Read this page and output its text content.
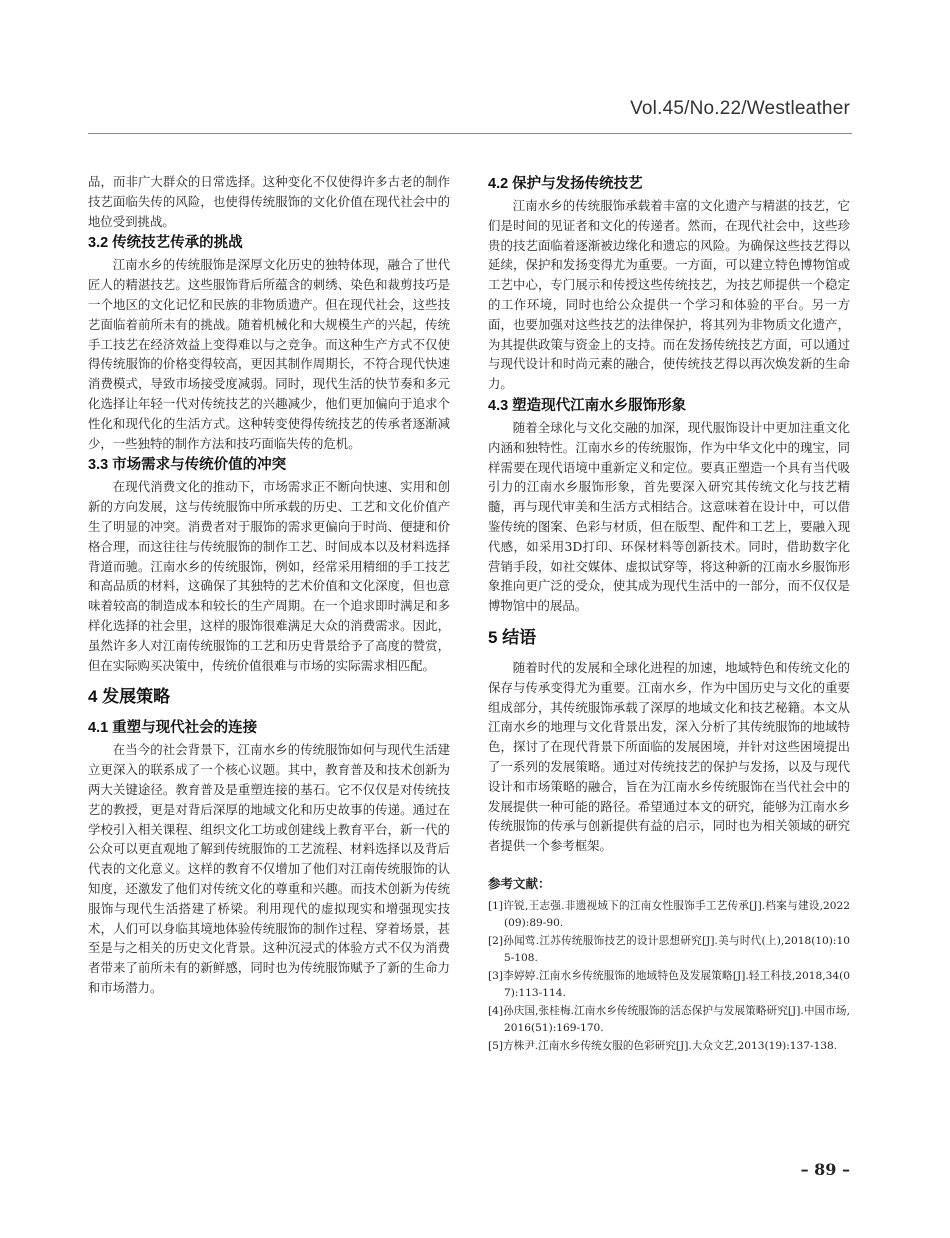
Vol.45/No.22/Westleather

品，而非广大群众的日常选择。这种变化不仅使得许多古老的制作技艺面临失传的风险，也使得传统服饰的文化价值在现代社会中的地位受到挑战。

3.2 传统技艺传承的挑战

江南水乡的传统服饰是深厚文化历史的独特体现，融合了世代匠人的精湛技艺。这些服饰背后所蕴含的刺绣、染色和裁剪技巧是一个地区的文化记忆和民族的非物质遗产。但在现代社会，这些技艺面临着前所未有的挑战。随着机械化和大规模生产的兴起，传统手工技艺在经济效益上变得难以与之竞争。而这种生产方式不仅使得传统服饰的价格变得较高，更因其制作周期长，不符合现代快速消费模式，导致市场接受度减弱。同时，现代生活的快节奏和多元化选择让年轻一代对传统技艺的兴趣减少，他们更加偏向于追求个性化和现代化的生活方式。这种转变使得传统技艺的传承者逐渐减少，一些独特的制作方法和技巧面临失传的危机。

3.3 市场需求与传统价值的冲突

在现代消费文化的推动下，市场需求正不断向快速、实用和创新的方向发展，这与传统服饰中所承载的历史、工艺和文化价值产生了明显的冲突。消费者对于服饰的需求更偏向于时尚、便捷和价格合理，而这往往与传统服饰的制作工艺、时间成本以及材料选择背道而驰。江南水乡的传统服饰，例如，经常采用精细的手工技艺和高品质的材料，这确保了其独特的艺术价值和文化深度，但也意味着较高的制造成本和较长的生产周期。在一个追求即时满足和多样化选择的社会里，这样的服饰很难满足大众的消费需求。因此，虽然许多人对江南传统服饰的工艺和历史背景给予了高度的赞赏，但在实际购买决策中，传统价值很难与市场的实际需求相匹配。

4 发展策略
4.1 重塑与现代社会的连接

在当今的社会背景下，江南水乡的传统服饰如何与现代生活建立更深入的联系成了一个核心议题。其中，教育普及和技术创新为两大关键途径。教育普及是重塑连接的基石。它不仅仅是对传统技艺的教授，更是对背后深厚的地域文化和历史故事的传递。通过在学校引入相关课程、组织文化工坊或创建线上教育平台，新一代的公众可以更直观地了解到传统服饰的工艺流程、材料选择以及背后代表的文化意义。这样的教育不仅增加了他们对江南传统服饰的认知度，还激发了他们对传统文化的尊重和兴趣。而技术创新为传统服饰与现代生活搭建了桥梁。利用现代的虚拟现实和增强现实技术，人们可以身临其境地体验传统服饰的制作过程、穿着场景，甚至是与之相关的历史文化背景。这种沉浸式的体验方式不仅为消费者带来了前所未有的新鲜感，同时也为传统服饰赋予了新的生命力和市场潜力。

4.2 保护与发扬传统技艺

江南水乡的传统服饰承载着丰富的文化遗产与精湛的技艺，它们是时间的见证者和文化的传递者。然而，在现代社会中，这些珍贵的技艺面临着逐渐被边缘化和遗忘的风险。为确保这些技艺得以延续，保护和发扬变得尤为重要。一方面，可以建立特色博物馆或工艺中心，专门展示和传授这些传统技艺，为技艺师提供一个稳定的工作环境，同时也给公众提供一个学习和体验的平台。另一方面，也要加强对这些技艺的法律保护，将其列为非物质文化遗产，为其提供政策与资金上的支持。而在发扬传统技艺方面，可以通过与现代设计和时尚元素的融合，使传统技艺得以再次焕发新的生命力。

4.3 塑造现代江南水乡服饰形象

随着全球化与文化交融的加深，现代服饰设计中更加注重文化内涵和独特性。江南水乡的传统服饰，作为中华文化中的瑰宝，同样需要在现代语境中重新定义和定位。要真正塑造一个具有当代吸引力的江南水乡服饰形象，首先要深入研究其传统文化与技艺精髓，再与现代审美和生活方式相结合。这意味着在设计中，可以借鉴传统的图案、色彩与材质，但在版型、配件和工艺上，要融入现代感，如采用3D打印、环保材料等创新技术。同时，借助数字化营销手段，如社交媒体、虚拟试穿等，将这种新的江南水乡服饰形象推向更广泛的受众，使其成为现代生活中的一部分，而不仅仅是博物馆中的展品。

5 结语

随着时代的发展和全球化进程的加速，地域特色和传统文化的保存与传承变得尤为重要。江南水乡，作为中国历史与文化的重要组成部分，其传统服饰承载了深厚的地域文化和技艺秘籍。本文从江南水乡的地理与文化背景出发，深入分析了其传统服饰的地域特色，探讨了在现代背景下所面临的发展困境，并针对这些困境提出了一系列的发展策略。通过对传统技艺的保护与发扬，以及与现代设计和市场策略的融合，旨在为江南水乡传统服饰在当代社会中的发展提供一种可能的路径。希望通过本文的研究，能够为江南水乡传统服饰的传承与创新提供有益的启示，同时也为相关领域的研究者提供一个参考框架。

参考文献：

[1]许锐,王志强.非遗视域下的江南女性服饰手工艺传承[J].档案与建设,2022(09):89-90.

[2]孙闻莺.江苏传统服饰技艺的设计思想研究[J].美与时代(上),2018(10):105-108.

[3]李婷婷.江南水乡传统服饰的地域特色及发展策略[J].轻工科技,2018,34(07):113-114.

[4]孙庆国,张桂梅.江南水乡传统服饰的活态保护与发展策略研究[J].中国市场,2016(51):169-170.

[5]方株尹.江南水乡传统女服的色彩研究[J].大众文艺,2013(19):137-138.

– 89 –
